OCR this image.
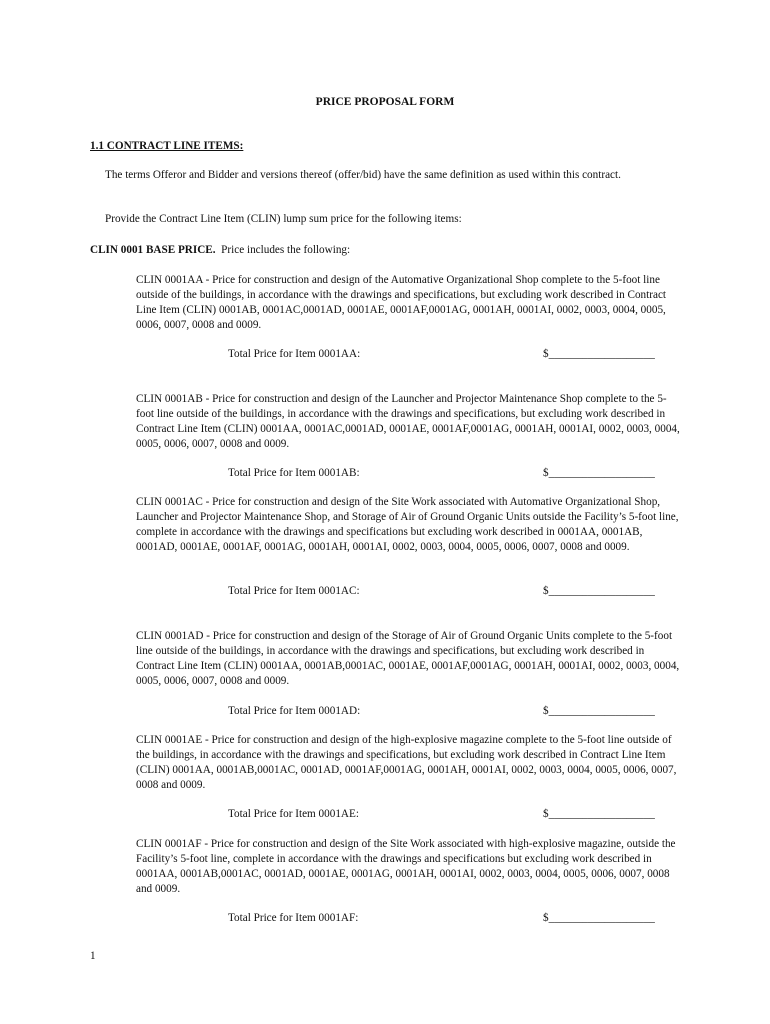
PRICE PROPOSAL FORM
1.1 CONTRACT LINE ITEMS:
The terms Offeror and Bidder and versions thereof (offer/bid) have the same definition as used within this contract.
Provide the Contract Line Item (CLIN) lump sum price for the following items:
CLIN 0001 BASE PRICE. Price includes the following:
CLIN 0001AA - Price for construction and design of the Automative Organizational Shop complete to the 5-foot line outside of the buildings, in accordance with the drawings and specifications, but excluding work described in Contract Line Item (CLIN) 0001AB, 0001AC,0001AD, 0001AE, 0001AF,0001AG, 0001AH, 0001AI, 0002, 0003, 0004, 0005, 0006, 0007, 0008 and 0009.
Total Price for Item 0001AA:	$___________________
CLIN 0001AB - Price for construction and design of the Launcher and Projector Maintenance Shop complete to the 5-foot line outside of the buildings, in accordance with the drawings and specifications, but excluding work described in Contract Line Item (CLIN) 0001AA, 0001AC,0001AD, 0001AE, 0001AF,0001AG, 0001AH, 0001AI, 0002, 0003, 0004, 0005, 0006, 0007, 0008 and 0009.
Total Price for Item 0001AB:	$___________________
CLIN 0001AC - Price for construction and design of the Site Work associated with Automative Organizational Shop, Launcher and Projector Maintenance Shop, and Storage of Air of Ground Organic Units outside the Facility’s 5-foot line, complete in accordance with the drawings and specifications but excluding work described in 0001AA, 0001AB, 0001AD, 0001AE, 0001AF, 0001AG, 0001AH, 0001AI, 0002, 0003, 0004, 0005, 0006, 0007, 0008 and 0009.
Total Price for Item 0001AC:	$___________________
CLIN 0001AD - Price for construction and design of the Storage of Air of Ground Organic Units complete to the 5-foot line outside of the buildings, in accordance with the drawings and specifications, but excluding work described in Contract Line Item (CLIN) 0001AA, 0001AB,0001AC, 0001AE, 0001AF,0001AG, 0001AH, 0001AI, 0002, 0003, 0004, 0005, 0006, 0007, 0008 and 0009.
Total Price for Item 0001AD:	$___________________
CLIN 0001AE - Price for construction and design of the high-explosive magazine complete to the 5-foot line outside of the buildings, in accordance with the drawings and specifications, but excluding work described in Contract Line Item (CLIN) 0001AA, 0001AB,0001AC, 0001AD, 0001AF,0001AG, 0001AH, 0001AI, 0002, 0003, 0004, 0005, 0006, 0007, 0008 and 0009.
Total Price for Item 0001AE:	$___________________
CLIN 0001AF - Price for construction and design of the Site Work associated with high-explosive magazine, outside the Facility’s 5-foot line, complete in accordance with the drawings and specifications but excluding work described in 0001AA, 0001AB,0001AC, 0001AD, 0001AE, 0001AG, 0001AH, 0001AI, 0002, 0003, 0004, 0005, 0006, 0007, 0008 and 0009.
Total Price for Item 0001AF:	$___________________
1
